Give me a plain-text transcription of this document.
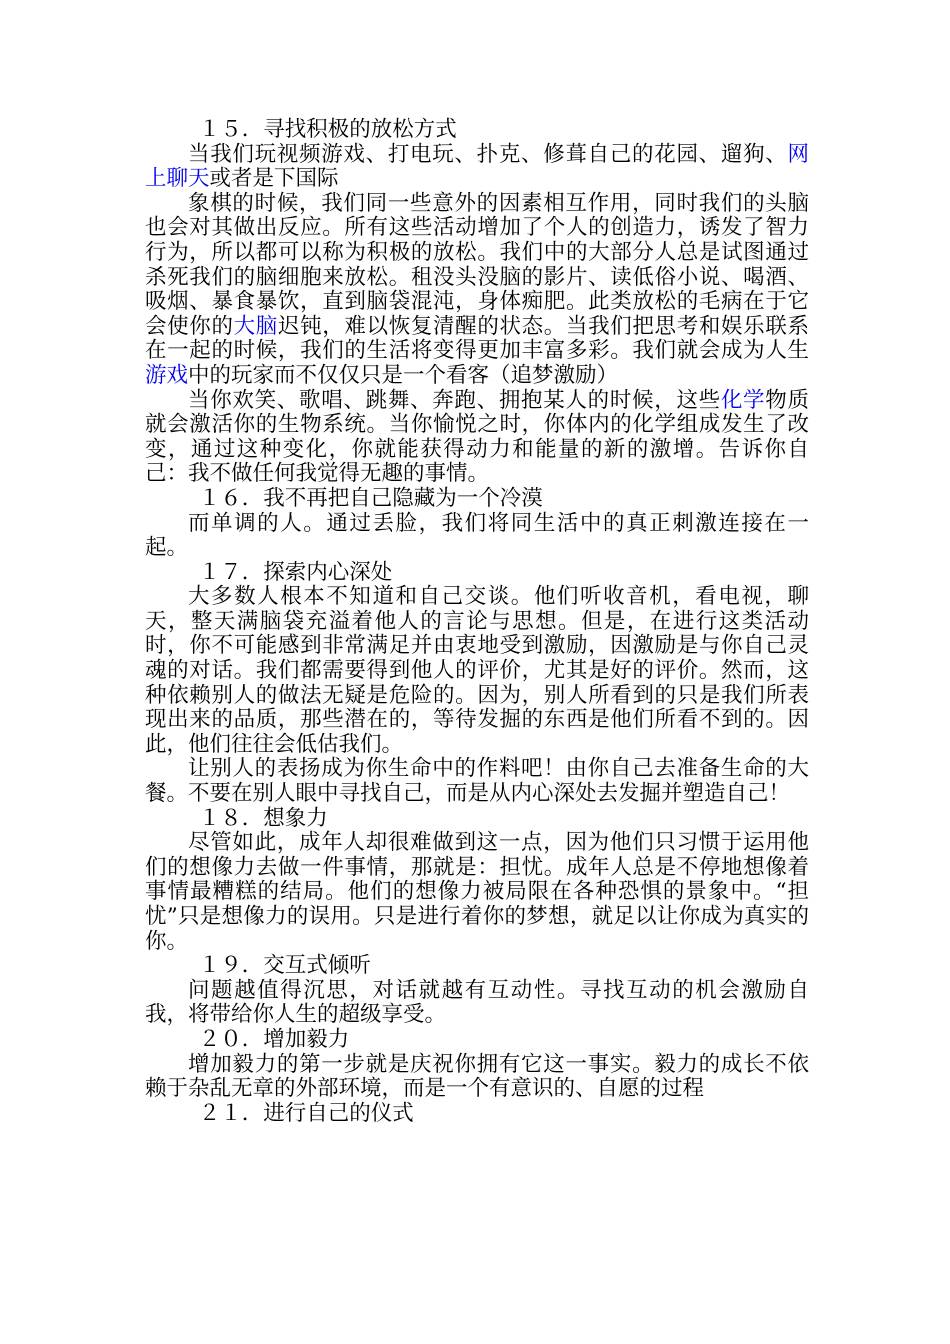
１５．寻找积极的放松方式

当我们玩视频游戏、打电玩、扑克、修葺自己的花园、遛狗、网上聊天或者是下国际

象棋的时候，我们同一些意外的因素相互作用，同时我们的头脑也会对其做出反应。所有这些活动增加了个人的创造力，诱发了智力行为，所以都可以称为积极的放松。我们中的大部分人总是试图通过杀死我们的脑细胞来放松。租没头没脑的影片、读低俗小说、喝酒、吸烟、暴食暴饮，直到脑袋混沌，身体痴肥。此类放松的毛病在于它会使你的大脑迟钝，难以恢复清醒的状态。当我们把思考和娱乐联系在一起的时候，我们的生活将变得更加丰富多彩。我们就会成为人生游戏中的玩家而不仅仅只是一个看客（追梦激励）

当你欢笑、歌唱、跳舞、奔跑、拥抱某人的时候，这些化学物质就会激活你的生物系统。当你愉悦之时，你体内的化学组成发生了改变，通过这种变化，你就能获得动力和能量的新的激增。告诉你自己：我不做任何我觉得无趣的事情。

１６．我不再把自己隐藏为一个冷漠

而单调的人。通过丢脸，我们将同生活中的真正刺激连接在一起。

１７．探索内心深处

大多数人根本不知道和自己交谈。他们听收音机，看电视，聊天，整天满脑袋充溢着他人的言论与思想。但是，在进行这类活动时，你不可能感到非常满足并由衷地受到激励，因激励是与你自己灵魂的对话。我们都需要得到他人的评价，尤其是好的评价。然而，这种依赖别人的做法无疑是危险的。因为，别人所看到的只是我们所表现出来的品质，那些潜在的，等待发掘的东西是他们所看不到的。因此，他们往往会低估我们。

让别人的表扬成为你生命中的作料吧！由你自己去准备生命的大餐。不要在别人眼中寻找自己，而是从内心深处去发掘并塑造自己！

１８．想象力

尽管如此，成年人却很难做到这一点，因为他们只习惯于运用他们的想像力去做一件事情，那就是：担忧。成年人总是不停地想像着事情最糟糕的结局。他们的想像力被局限在各种恐惧的景象中。“担忧”只是想像力的误用。只是进行着你的梦想，就足以让你成为真实的你。

１９．交互式倾听

问题越值得沉思，对话就越有互动性。寻找互动的机会激励自我，将带给你人生的超级享受。

２０．增加毅力

增加毅力的第一步就是庆祝你拥有它这一事实。毅力的成长不依赖于杂乱无章的外部环境，而是一个有意识的、自愿的过程

２１．进行自己的仪式
